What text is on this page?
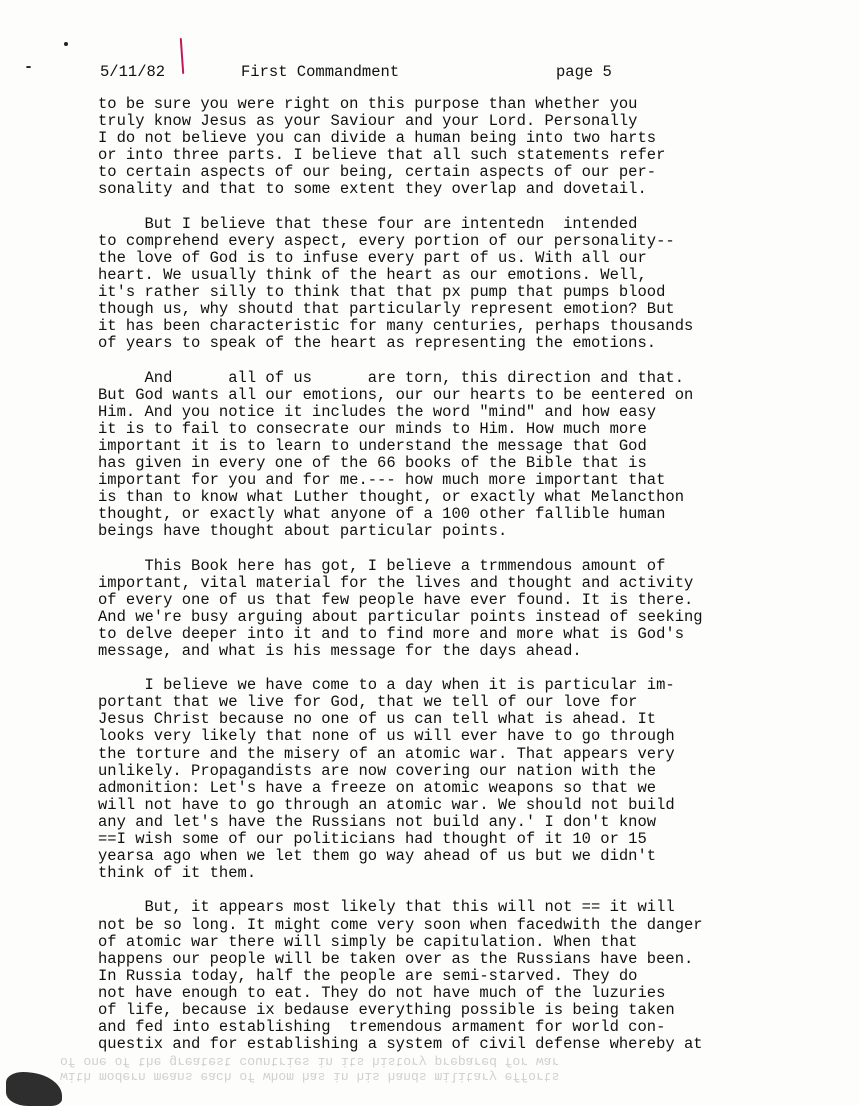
5/11/82	First Commandment	page 5
to be sure you were right on this purpose than whether you
truly know Jesus as your Saviour and your Lord. Personally
I do not believe you can divide a human being into two harts
or into three parts. I believe that all such statements refer
to certain aspects of our being, certain aspects of our per-
sonality and that to some extent they overlap and dovetail.
But I believe that these four are intentedn  intended
to comprehend every aspect, every portion of our personality--
the love of God is to infuse every part of us. With all our
heart. We usually think of the heart as our emotions. Well,
it's rather silly to think that that px pump that pumps blood
though us, why shoutd that particularly represent emotion? But
it has been characteristic for many centuries, perhaps thousands
of years to speak of the heart as representing the emotions.
And      all of us      are torn, this direction and that.
But God wants all our emotions, our our hearts to be eentered on
Him. And you notice it includes the word "mind" and how easy
it is to fail to consecrate our minds to Him. How much more
important it is to learn to understand the message that God
has given in every one of the 66 books of the Bible that is
important for you and for me.--- how much more important that
is than to know what Luther thought, or exactly what Melancthon
thought, or exactly what anyone of a 100 other fallible human
beings have thought about particular points.
This Book here has got, I believe a trmmendous amount of
important, vital material for the lives and thought and activity
of every one of us that few people have ever found. It is there.
And we're busy arguing about particular points instead of seeking
to delve deeper into it and to find more and more what is God's
message, and what is his message for the days ahead.
I believe we have come to a day when it is particular im-
portant that we live for God, that we tell of our love for
Jesus Christ because no one of us can tell what is ahead. It
looks very likely that none of us will ever have to go through
the torture and the misery of an atomic war. That appears very
unlikely. Propagandists are now covering our nation with the
admonition: Let's have a freeze on atomic weapons so that we
will not have to go through an atomic war. We should not build
any and let's have the Russians not build any.' I don't know
==I wish some of our politicians had thought of it 10 or 15
yearsa ago when we let them go way ahead of us but we didn't
think of it them.
But, it appears most likely that this will not == it will
not be so long. It might come very soon when facedwith the danger
of atomic war there will simply be capitulation. When that
happens our people will be taken over as the Russians have been.
In Russia today, half the people are semi-starved. They do
not have enough to eat. They do not have much of the luzuries
of life, because ix bedause everything possible is being taken
and fed into establishing  tremendous armament for world con-
questix and for establishing a system of civil defense whereby at
with modern means each of whom has in his hands military efforts
of one of the greatest countries in its history prepared for war
